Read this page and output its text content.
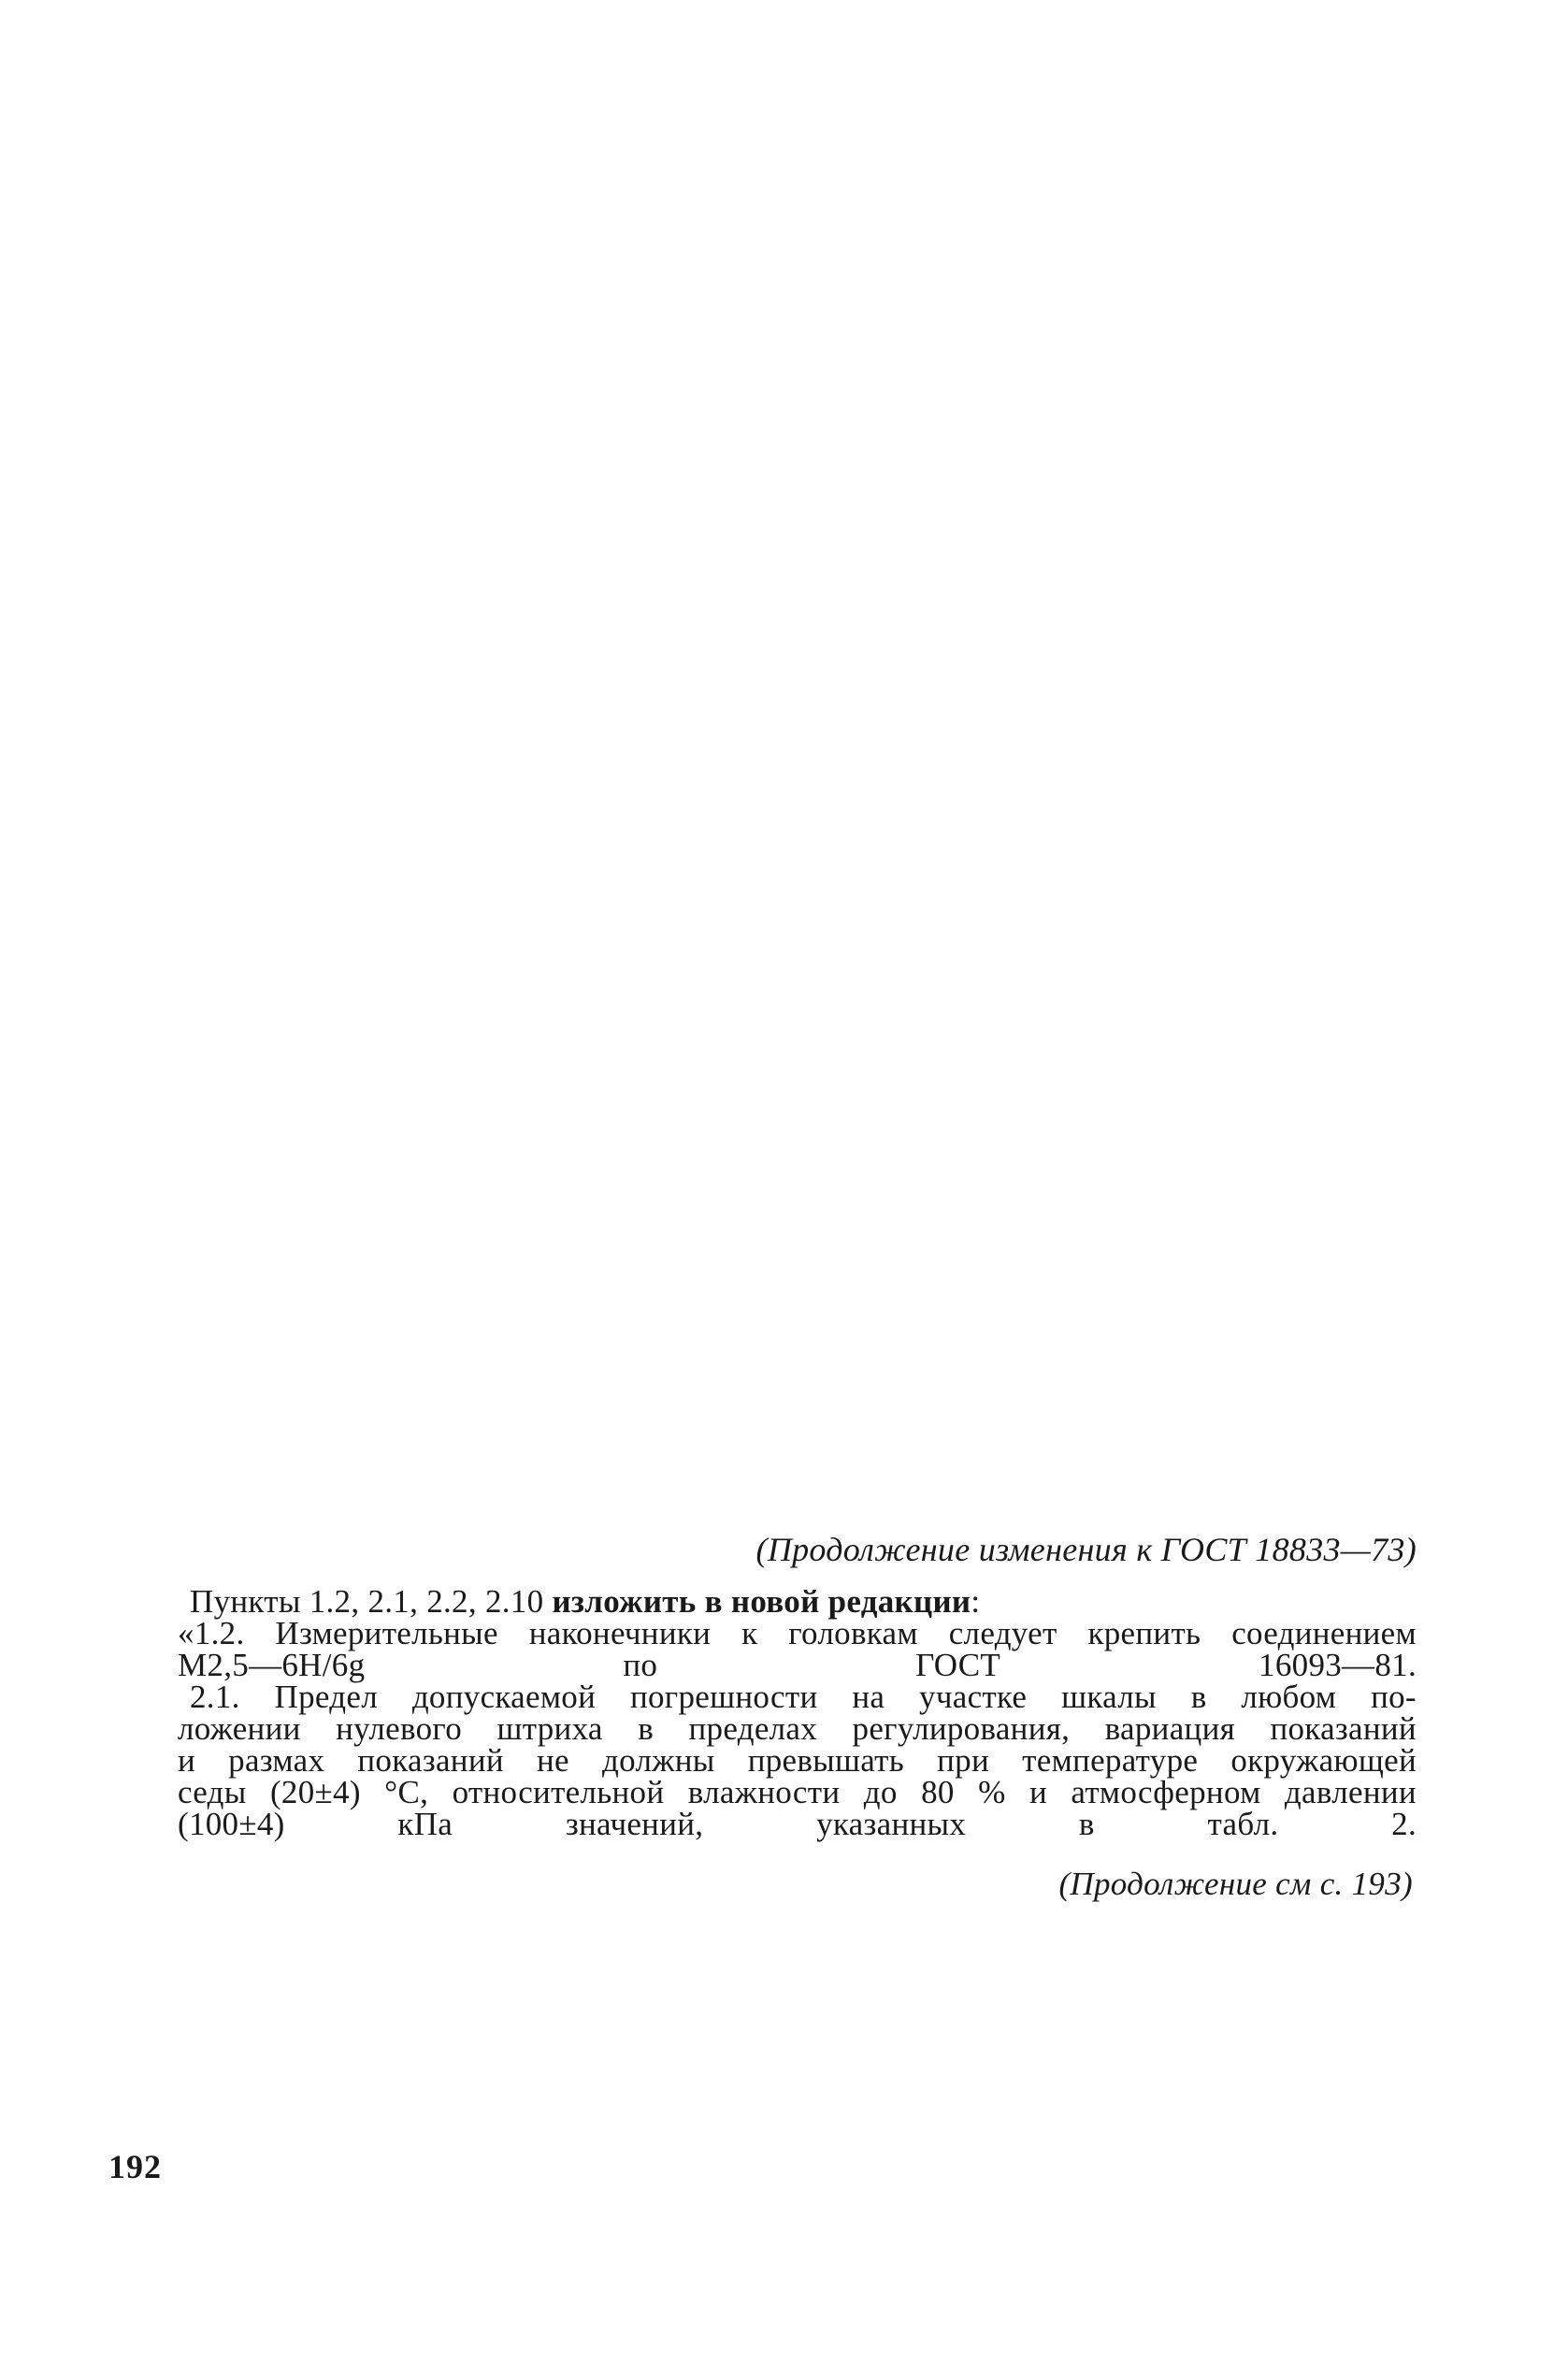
(Продолжение изменения к ГОСТ 18833—73)
Пункты 1.2, 2.1, 2.2, 2.10 изложить в новой редакции:

«1.2. Измерительные наконечники к головкам следует крепить соединением
М2,5—6Н/6g по ГОСТ 16093—81.

2.1. Предел допускаемой погрешности на участке шкалы в любом по-
ложении нулевого штриха в пределах регулирования, вариация показаний
и размах показаний не должны превышать при температуре окружающей
седы (20±4) °С, относительной влажности до 80 % и атмосферном давлении
(100±4) кПа значений, указанных в табл. 2.

(Продолжение см с. 193)
192
